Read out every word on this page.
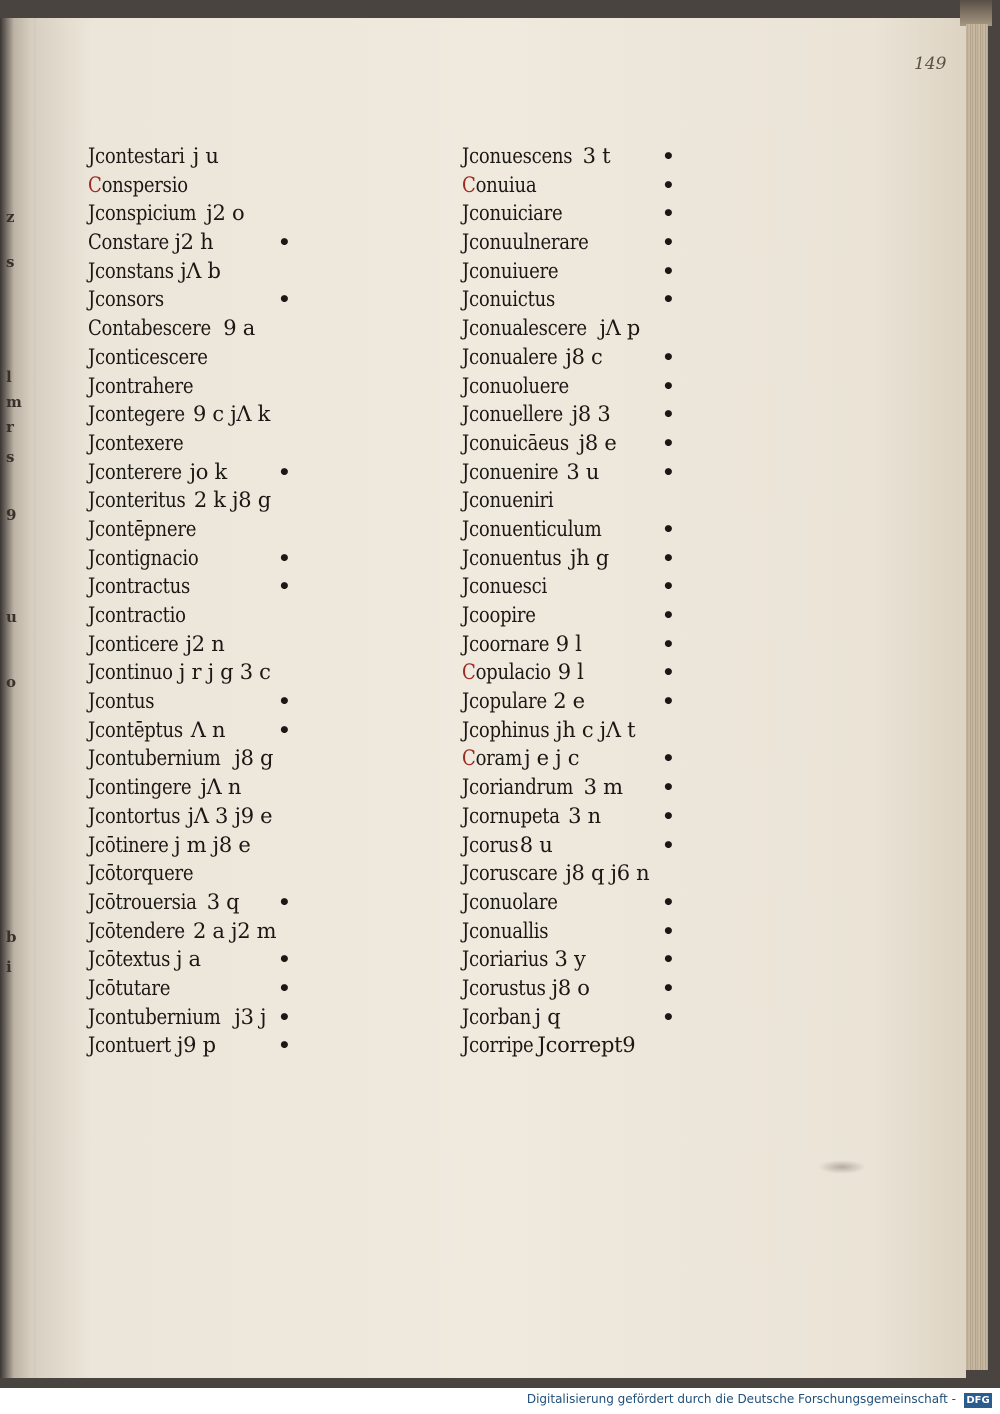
z
s
l
m
r
s
9
u
o
b
i
149
Jcontestari j u
Conspersio
Jconspicium j2 o
Constare j2 h	•
Jconstans jΛ b
Jconsors	•
Contabescere 9 a
Jconticescere
Jcontrahere
Jcontegere 9 c jΛ k
Jcontexere
Jconterere jo k	•
Jconteritus 2 k j8 g
Jcontēpnere
Jcontignacio	•
Jcontractus	•
Jcontractio
Jconticere j2 n
Jcontinuo j r j g 3 c
Jcontus	•
Jcontēptus Λ n	•
Jcontubernium j8 g
Jcontingere jΛ n
Jcontortus jΛ 3 j9 e
Jcōtinere j m j8 e
Jcōtorquere
Jcōtrouersia 3 q •
Jcōtendere 2 a j2 m
Jcōtextus j a	•
Jcōtutare	•
Jcontubernium j3 j •
Jcontuert j9 p	•
Jconuescens 3 t	•
Conuiua	•
Jconuiciare	•
Jconuulnerare	•
Jconuiuere	•
Jconuictus	•
Jconualescere jΛ p
Jconualere j8 c	•
Jconuoluere	•
Jconuellere j8 3	•
Jconuicāeus j8 e •
Jconuenire 3 u	•
Jconueniri
Jconuenticulum	•
Jconuentus jh g	•
Jconuesci	•
Jcoopire	•
Jcoornare 9 l	•
Copulacio 9 l	•
Jcopulare 2 e	•
Jcophinus jh c jΛ t
Coram j e j c	•
Jcoriandrum 3 m •
Jcornupeta 3 n	•
Jcorus 8 u	•
Jcoruscare j8 q j6 n
Jconuolare	•
Jconuallis	•
Jcoriarius 3 y	•
Jcorustus j8 o	•
Jcorban j q	•
Jcorripe Jcorrept9
Digitalisierung gefördert durch die Deutsche Forschungsgemeinschaft - DFG
